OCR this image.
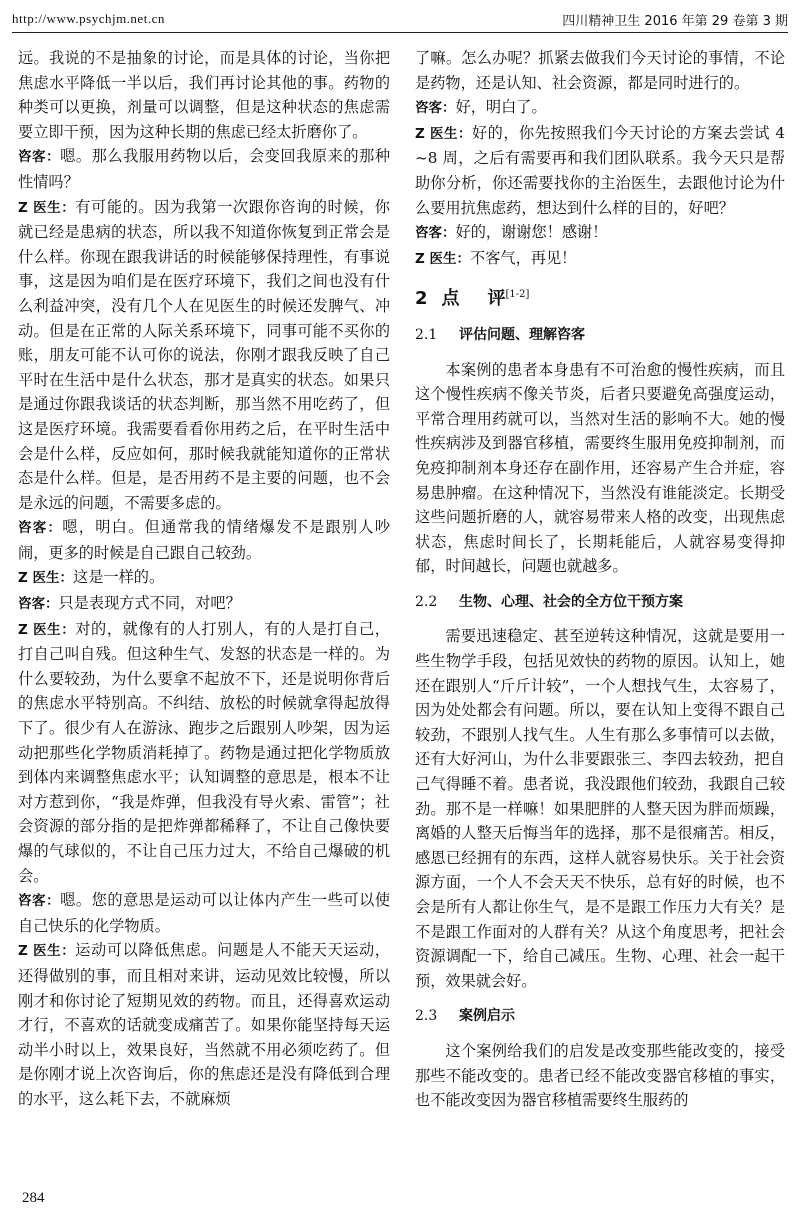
http://www.psychjm.net.cn	四川精神卫生 2016 年第 29 卷第 3 期

远。我说的不是抽象的讨论，而是具体的讨论，当你把焦虑水平降低一半以后，我们再讨论其他的事。药物的种类可以更换，剂量可以调整，但是这种状态的焦虑需要立即干预，因为这种长期的焦虑已经太折磨你了。

咨客：嗯。那么我服用药物以后，会变回我原来的那种性情吗？

Z 医生：有可能的。因为我第一次跟你咨询的时候，你就已经是患病的状态，所以我不知道你恢复到正常会是什么样。你现在跟我讲话的时候能够保持理性，有事说事，这是因为咱们是在医疗环境下，我们之间也没有什么利益冲突，没有几个人在见医生的时候还发脾气、冲动。但是在正常的人际关系环境下，同事可能不买你的账，朋友可能不认可你的说法，你刚才跟我反映了自己平时在生活中是什么状态，那才是真实的状态。如果只是通过你跟我谈话的状态判断，那当然不用吃药了，但这是医疗环境。我需要看看你用药之后，在平时生活中会是什么样，反应如何，那时候我就能知道你的正常状态是什么样。但是，是否用药不是主要的问题，也不会是永远的问题，不需要多虑的。

咨客：嗯，明白。但通常我的情绪爆发不是跟别人吵闹，更多的时候是自己跟自己较劲。

Z 医生：这是一样的。

咨客：只是表现方式不同，对吧？

Z 医生：对的，就像有的人打别人，有的人是打自己，打自己叫自残。但这种生气、发怒的状态是一样的。为什么要较劲，为什么要拿不起放不下，还是说明你背后的焦虑水平特别高。不纠结、放松的时候就拿得起放得下了。很少有人在游泳、跑步之后跟别人吵架，因为运动把那些化学物质消耗掉了。药物是通过把化学物质放到体内来调整焦虑水平；认知调整的意思是，根本不让对方惹到你，“我是炸弹，但我没有导火索、雷管”；社会资源的部分指的是把炸弹都稀释了，不让自己像快要爆的气球似的，不让自己压力过大，不给自己爆破的机会。

咨客：嗯。您的意思是运动可以让体内产生一些可以使自己快乐的化学物质。

Z 医生：运动可以降低焦虑。问题是人不能天天运动，还得做别的事，而且相对来讲，运动见效比较慢，所以刚才和你讨论了短期见效的药物。而且，还得喜欢运动才行，不喜欢的话就变成痛苦了。如果你能坚持每天运动半小时以上，效果良好，当然就不用必须吃药了。但是你刚才说上次咨询后，你的焦虑还是没有降低到合理的水平，这么耗下去，不就麻烦

了嘛。怎么办呢？抓紧去做我们今天讨论的事情，不论是药物，还是认知、社会资源，都是同时进行的。

咨客：好，明白了。

Z 医生：好的，你先按照我们今天讨论的方案去尝试 4 ~8 周，之后有需要再和我们团队联系。我今天只是帮助你分析，你还需要找你的主治医生，去跟他讨论为什么要用抗焦虑药，想达到什么样的目的，好吧？

咨客：好的，谢谢您！感谢！

Z 医生：不客气，再见！

2 点 评[1-2]
2.1 评估问题、理解咨客

本案例的患者本身患有不可治愈的慢性疾病，而且这个慢性疾病不像关节炎，后者只要避免高强度运动，平常合理用药就可以，当然对生活的影响不大。她的慢性疾病涉及到器官移植，需要终生服用免疫抑制剂，而免疫抑制剂本身还存在副作用，还容易产生合并症，容易患肿瘤。在这种情况下，当然没有谁能淡定。长期受这些问题折磨的人，就容易带来人格的改变，出现焦虑状态，焦虑时间长了，长期耗能后，人就容易变得抑郁，时间越长，问题也就越多。

2.2 生物、心理、社会的全方位干预方案

需要迅速稳定、甚至逆转这种情况，这就是要用一些生物学手段，包括见效快的药物的原因。认知上，她还在跟别人“斤斤计较”，一个人想找气生，太容易了，因为处处都会有问题。所以，要在认知上变得不跟自己较劲，不跟别人找气生。人生有那么多事情可以去做，还有大好河山，为什么非要跟张三、李四去较劲，把自己气得睡不着。患者说，我没跟他们较劲，我跟自己较劲。那不是一样嘛！如果肥胖的人整天因为胖而烦躁，离婚的人整天后悔当年的选择，那不是很痛苦。相反，感恩已经拥有的东西，这样人就容易快乐。关于社会资源方面，一个人不会天天不快乐，总有好的时候，也不会是所有人都让你生气，是不是跟工作压力大有关？是不是跟工作面对的人群有关？从这个角度思考，把社会资源调配一下，给自己减压。生物、心理、社会一起干预，效果就会好。

2.3 案例启示

这个案例给我们的启发是改变那些能改变的，接受那些不能改变的。患者已经不能改变器官移植的事实，也不能改变因为器官移植需要终生服药的

284
